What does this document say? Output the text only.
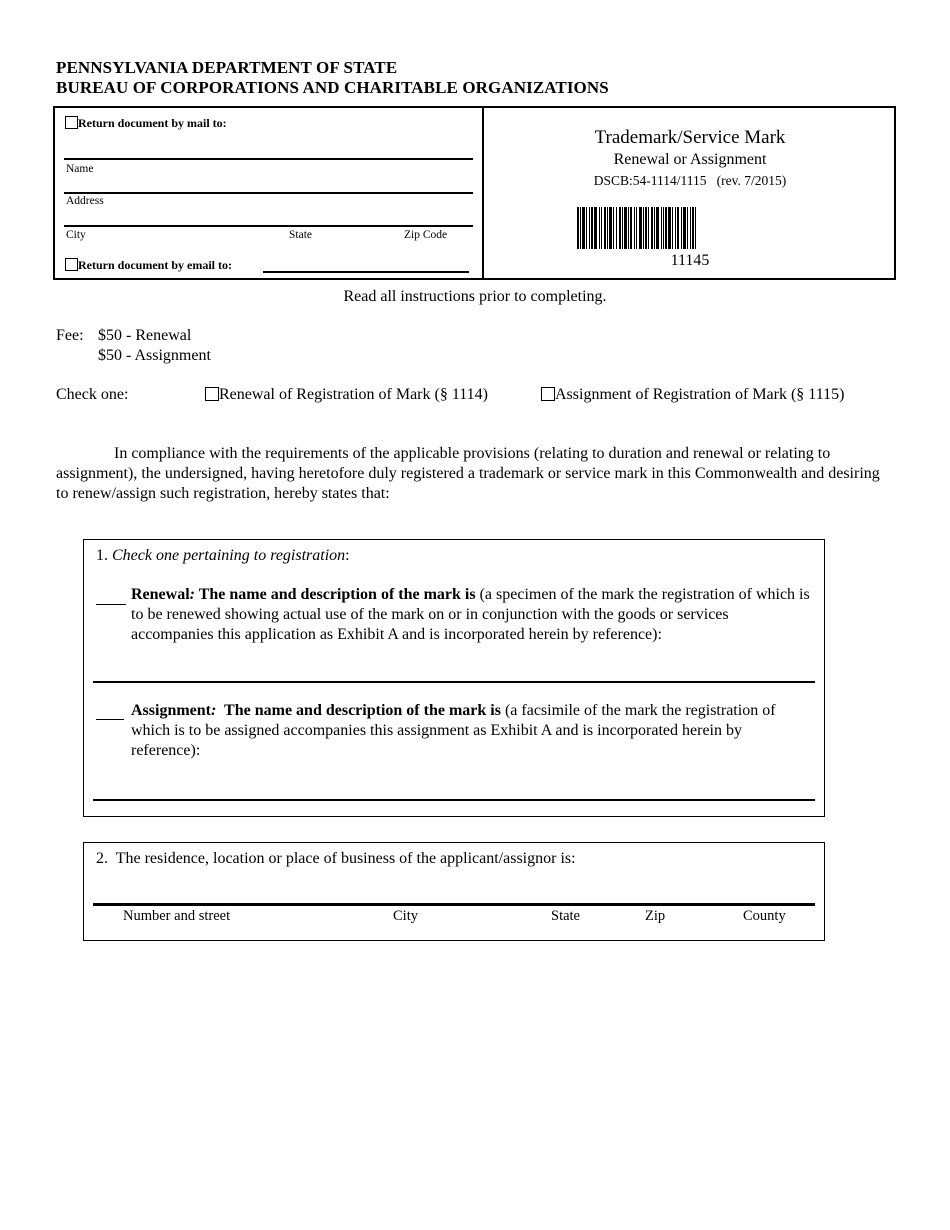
PENNSYLVANIA DEPARTMENT OF STATE
BUREAU OF CORPORATIONS AND CHARITABLE ORGANIZATIONS
Return document by mail to:
Name
Address
City	State	Zip Code
Return document by email to:
Trademark/Service Mark
Renewal or Assignment
DSCB:54-1114/1115   (rev. 7/2015)
11145
Read all instructions prior to completing.
Fee: $50 - Renewal
$50 - Assignment
Check one:	Renewal of Registration of Mark (§ 1114)	Assignment of Registration of Mark (§ 1115)
In compliance with the requirements of the applicable provisions (relating to duration and renewal or relating to assignment), the undersigned, having heretofore duly registered a trademark or service mark in this Commonwealth and desiring to renew/assign such registration, hereby states that:
1. Check one pertaining to registration:
Renewal: The name and description of the mark is (a specimen of the mark the registration of which is to be renewed showing actual use of the mark on or in conjunction with the goods or services accompanies this application as Exhibit A and is incorporated herein by reference):
Assignment:  The name and description of the mark is (a facsimile of the mark the registration of which is to be assigned accompanies this assignment as Exhibit A and is incorporated herein by reference):
2.  The residence, location or place of business of the applicant/assignor is:
Number and street	City	State	Zip	County
